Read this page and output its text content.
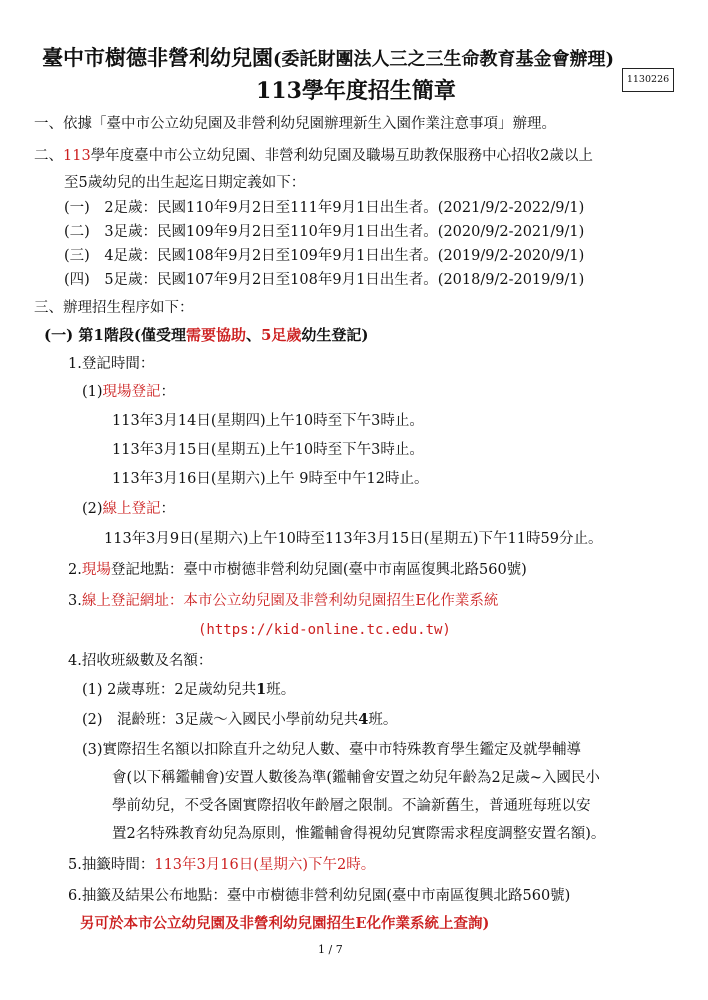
臺中市樹德非營利幼兒園(委託財團法人三之三生命教育基金會辦理)
113學年度招生簡章	1130226
一、依據「臺中市公立幼兒園及非營利幼兒園辦理新生入園作業注意事項」辦理。
二、113學年度臺中市公立幼兒園、非營利幼兒園及職場互助教保服務中心招收2歲以上
至5歲幼兒的出生起迄日期定義如下：
(一)　2足歲：民國110年9月2日至111年9月1日出生者。(2021/9/2-2022/9/1)
(二)　3足歲：民國109年9月2日至110年9月1日出生者。(2020/9/2-2021/9/1)
(三)　4足歲：民國108年9月2日至109年9月1日出生者。(2019/9/2-2020/9/1)
(四)　5足歲：民國107年9月2日至108年9月1日出生者。(2018/9/2-2019/9/1)
三、辦理招生程序如下：
(一) 第1階段(僅受理需要協助、5足歲幼生登記)
1.登記時間：
(1)現場登記：
113年3月14日(星期四)上午10時至下午3時止。
113年3月15日(星期五)上午10時至下午3時止。
113年3月16日(星期六)上午 9時至中午12時止。
(2)線上登記：
113年3月9日(星期六)上午10時至113年3月15日(星期五)下午11時59分止。
2.現場登記地點：臺中市樹德非營利幼兒園(臺中市南區復興北路560號)
3.線上登記網址：本市公立幼兒園及非營利幼兒園招生E化作業系統
(https://kid-online.tc.edu.tw)
4.招收班級數及名額：
(1) 2歲專班：2足歲幼兒共1班。
(2)　混齡班：3足歲～入國民小學前幼兒共4班。
(3)實際招生名額以扣除直升之幼兒人數、臺中市特殊教育學生鑑定及就學輔導
會(以下稱鑑輔會)安置人數後為準(鑑輔會安置之幼兒年齡為2足歲~入國民小
學前幼兒，不受各園實際招收年齡層之限制。不論新舊生，普通班每班以安
置2名特殊教育幼兒為原則，惟鑑輔會得視幼兒實際需求程度調整安置名額)。
5.抽籤時間：113年3月16日(星期六)下午2時。
6.抽籤及結果公布地點：臺中市樹德非營利幼兒園(臺中市南區復興北路560號)
另可於本市公立幼兒園及非營利幼兒園招生E化作業系統上查詢)
1 / 7
